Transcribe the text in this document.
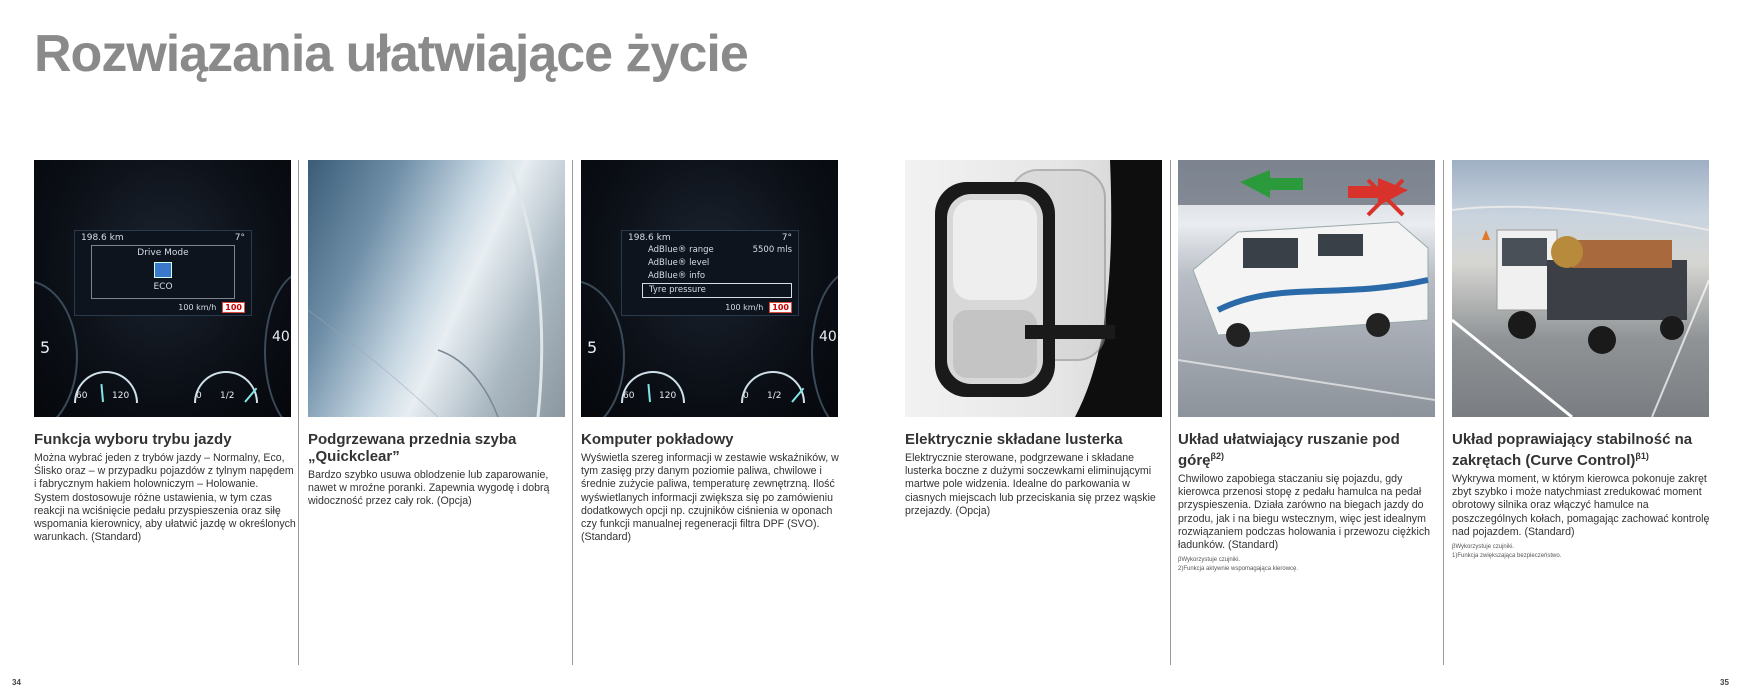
Rozwiązania ułatwiające życie
5
40
198.6 km	7°
Drive Mode
ECO
100 km/h	100
60	120	0 1/2
Funkcja wyboru trybu jazdy

Można wybrać jeden z trybów jazdy – Normalny, Eco, Śliskо oraz – w przypadku pojazdów z tylnym napędem i fabrycznym hakiem holowniczym – Holowanie. System dostosowuje różne ustawienia, w tym czas reakcji na wciśnięcie pedału przyspieszenia oraz siłę wspomania kierownicy, aby ułatwić jazdę w określonych warunkach. (Standard)

Podgrzewana przednia szyba „Quickclear”

Bardzo szybko usuwa oblodzenie lub zaparowanie, nawet w mroźne poranki. Zapewnia wygodę i dobrą widoczność przez cały rok. (Opcja)

5
40
198.6 km	7°
AdBlue® range	5500 mls
AdBlue® level
AdBlue® info
Tyre pressure
100 km/h	100
60	120	0 1/2
Komputer pokładowy

Wyświetla szereg informacji w zestawie wskaźników, w tym zasięg przy danym poziomie paliwa, chwilowe i średnie zużycie paliwa, temperaturę zewnętrzną. Ilość wyświetlanych informacji zwiększa się po zamówieniu dodatkowych opcji np. czujników ciśnienia w oponach czy funkcji manualnej regeneracji filtra DPF (SVO). (Standard)

Elektrycznie składane lusterka

Elektrycznie sterowane, podgrzewane i składane lusterka boczne z dużymi soczewkami eliminującymi martwe pole widzenia. Idealne do parkowania w ciasnych miejscach lub przeciskania się przez wąskie przejazdy. (Opcja)

Układ ułatwiający ruszanie pod górę$^{\beta 2)}$

Chwilowo zapobiega staczaniu się pojazdu, gdy kierowca przenosi stopę z pedału hamulca na pedał przyspieszenia. Działa zarówno na biegach jazdy do przodu, jak i na biegu wstecznym, więc jest idealnym rozwiązaniem podczas holowania i przewozu ciężkich ładunków. (Standard)

βWykorzystuje czujniki.
2)Funkcja aktywnie wspomagająca kierowcę.
Układ poprawiający stabilność na zakrętach (Curve Control)$^{\beta 1)}$

Wykrywa moment, w którym kierowca pokonuje zakręt zbyt szybko i może natychmiast zredukować moment obrotowy silnika oraz włączyć hamulce na poszczególnych kołach, pomagając zachować kontrolę nad pojazdem. (Standard)

βWykorzystuje czujniki.
1)Funkcja zwiększająca bezpieczeństwo.
34	35
